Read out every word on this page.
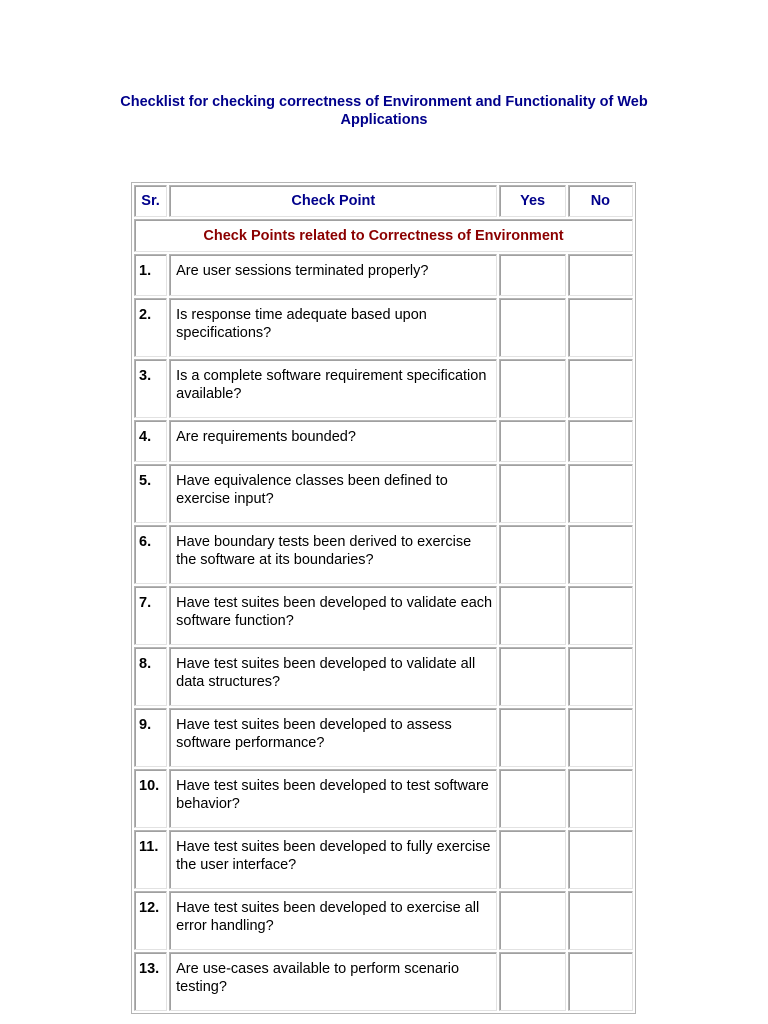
Checklist for checking correctness of Environment and Functionality of Web Applications
Sr.	Check Point	Yes	No
Check Points related to Correctness of Environment			
1.	Are user sessions terminated properly?		
2.	Is response time adequate based upon specifications?		
3.	Is a complete software requirement specification available?		
4.	Are requirements bounded?		
5.	Have equivalence classes been defined to exercise input?		
6.	Have boundary tests been derived to exercise the software at its boundaries?		
7.	Have test suites been developed to validate each software function?		
8.	Have test suites been developed to validate all data structures?		
9.	Have test suites been developed to assess software performance?		
10.	Have test suites been developed to test software behavior?		
11.	Have test suites been developed to fully exercise the user interface?		
12.	Have test suites been developed to exercise all error handling?		
13.	Are use-cases available to perform scenario testing?		
